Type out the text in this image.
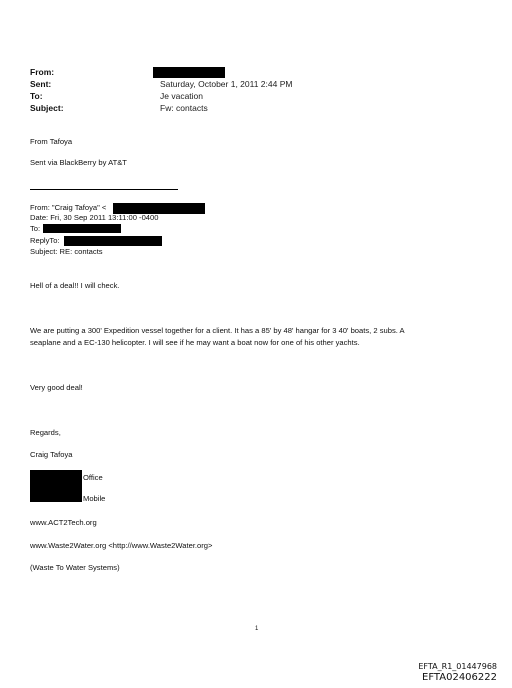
From:
Sent:	Saturday, October 1, 2011 2:44 PM
To:	Je vacation
Subject:	Fw: contacts
From Tafoya
Sent via BlackBerry by AT&T
From: "Craig Tafoya" <
Date: Fri, 30 Sep 2011 13:11:00 -0400
To:
ReplyTo:
Subject: RE: contacts
Hell of a deal!! I will check.
We are putting a 300' Expedition vessel together for a client. It has a 85' by 48' hangar for 3 40' boats, 2 subs. A
seaplane and a EC-130 helicopter. I will see if he may want a boat now for one of his other yachts.
Very good deal!
Regards,
Craig Tafoya
Office
Mobile
www.ACT2Tech.org
www.Waste2Water.org <http://www.Waste2Water.org>
(Waste To Water Systems)
1
EFTA_R1_01447968
EFTA02406222
